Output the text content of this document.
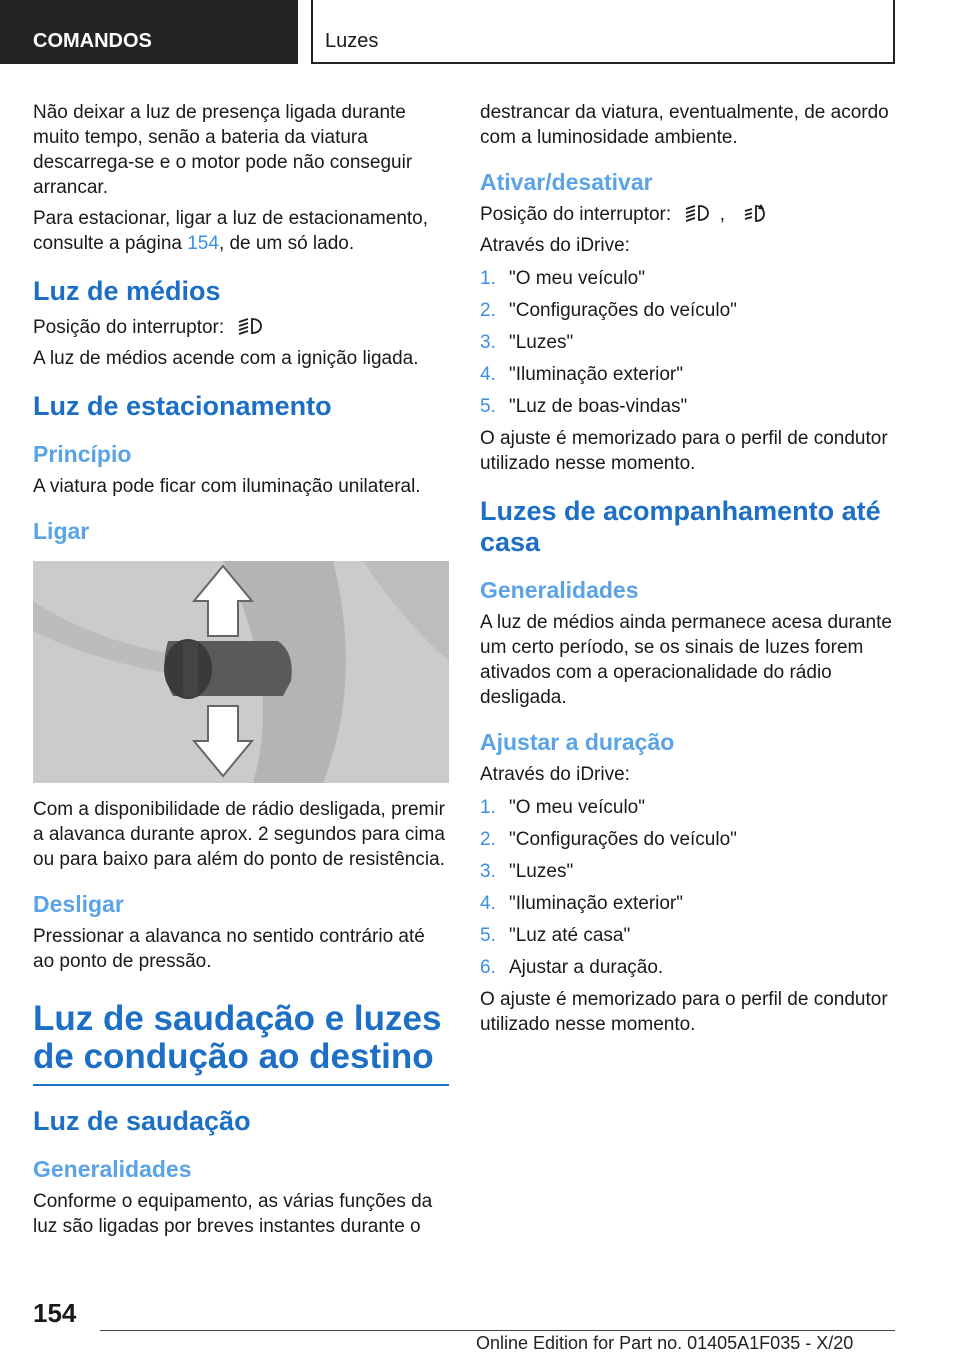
COMANDOS	Luzes

Não deixar a luz de presença ligada durante muito tempo, senão a bateria da viatura descarrega-se e o motor pode não conseguir arrancar.

Para estacionar, ligar a luz de estacionamento, consulte a página 154, de um só lado.

Luz de médios

Posição do interruptor:

A luz de médios acende com a ignição ligada.

Luz de estacionamento
Princípio

A viatura pode ficar com iluminação unilateral.

Ligar

Com a disponibilidade de rádio desligada, premir a alavanca durante aprox. 2 segundos para cima ou para baixo para além do ponto de resistência.

Desligar

Pressionar a alavanca no sentido contrário até ao ponto de pressão.

Luz de saudação e luzes de condução ao destino
Luz de saudação
Generalidades

Conforme o equipamento, as várias funções da luz são ligadas por breves instantes durante o

destrancar da viatura, eventualmente, de acordo com a luminosidade ambiente.

Ativar/desativar

Posição do interruptor:	,

Através do iDrive:

1. "O meu veículo"
2. "Configurações do veículo"
3. "Luzes"
4. "Iluminação exterior"
5. "Luz de boas-vindas"

O ajuste é memorizado para o perfil de condutor utilizado nesse momento.

Luzes de acompanhamento até casa
Generalidades

A luz de médios ainda permanece acesa durante um certo período, se os sinais de luzes forem ativados com a operacionalidade do rádio desligada.

Ajustar a duração

Através do iDrive:

1. "O meu veículo"
2. "Configurações do veículo"
3. "Luzes"
4. "Iluminação exterior"
5. "Luz até casa"
6. Ajustar a duração.

O ajuste é memorizado para o perfil de condutor utilizado nesse momento.

154
Online Edition for Part no. 01405A1F035 - X/20
